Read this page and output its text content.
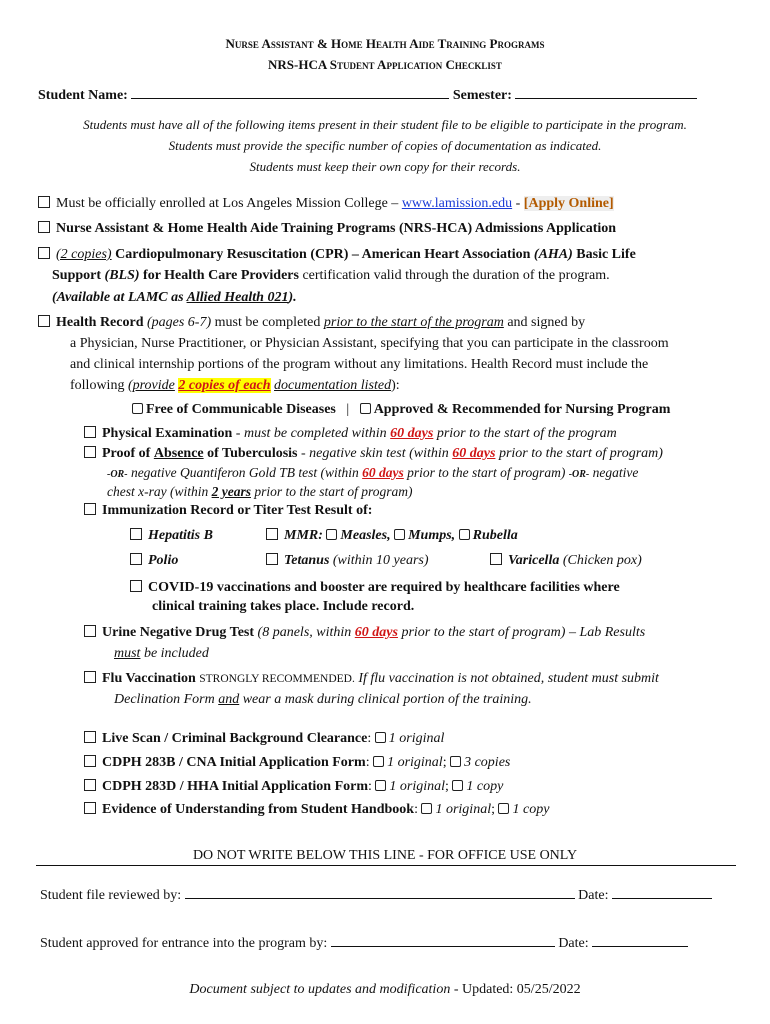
Nurse Assistant & Home Health Aide Training Programs
NRS-HCA Student Application Checklist
Student Name:	Semester:
Students must have all of the following items present in their student file to be eligible to participate in the program.
Students must provide the specific number of copies of documentation as indicated.
Students must keep their own copy for their records.
Must be officially enrolled at Los Angeles Mission College – www.lamission.edu - [Apply Online]
Nurse Assistant & Home Health Aide Training Programs (NRS-HCA) Admissions Application
(2 copies) Cardiopulmonary Resuscitation (CPR) – American Heart Association (AHA) Basic Life
Support (BLS) for Health Care Providers certification valid through the duration of the program.
(Available at LAMC as Allied Health 021).
Health Record (pages 6-7) must be completed prior to the start of the program and signed by
a Physician, Nurse Practitioner, or Physician Assistant, specifying that you can participate in the classroom
and clinical internship portions of the program without any limitations. Health Record must include the
following (provide 2 copies of each documentation listed):
Free of Communicable Diseases | Approved & Recommended for Nursing Program
Physical Examination - must be completed within 60 days prior to the start of the program
Proof of Absence of Tuberculosis - negative skin test (within 60 days prior to the start of program)
-OR- negative Quantiferon Gold TB test (within 60 days prior to the start of program) -OR- negative
chest x-ray (within 2 years prior to the start of program)
Immunization Record or Titer Test Result of:
Hepatitis B	MMR: Measles, Mumps, Rubella
Polio	Tetanus (within 10 years)	Varicella (Chicken pox)
COVID-19 vaccinations and booster are required by healthcare facilities where
clinical training takes place. Include record.
Urine Negative Drug Test (8 panels, within 60 days prior to the start of program) – Lab Results
must be included
Flu Vaccination STRONGLY RECOMMENDED. If flu vaccination is not obtained, student must submit
Declination Form and wear a mask during clinical portion of the training.
Live Scan / Criminal Background Clearance: 1 original
CDPH 283B / CNA Initial Application Form: 1 original; 3 copies
CDPH 283D / HHA Initial Application Form: 1 original; 1 copy
Evidence of Understanding from Student Handbook: 1 original; 1 copy
DO NOT WRITE BELOW THIS LINE - FOR OFFICE USE ONLY
Student file reviewed by:	Date:
Student approved for entrance into the program by:	Date:
Document subject to updates and modification - Updated: 05/25/2022
